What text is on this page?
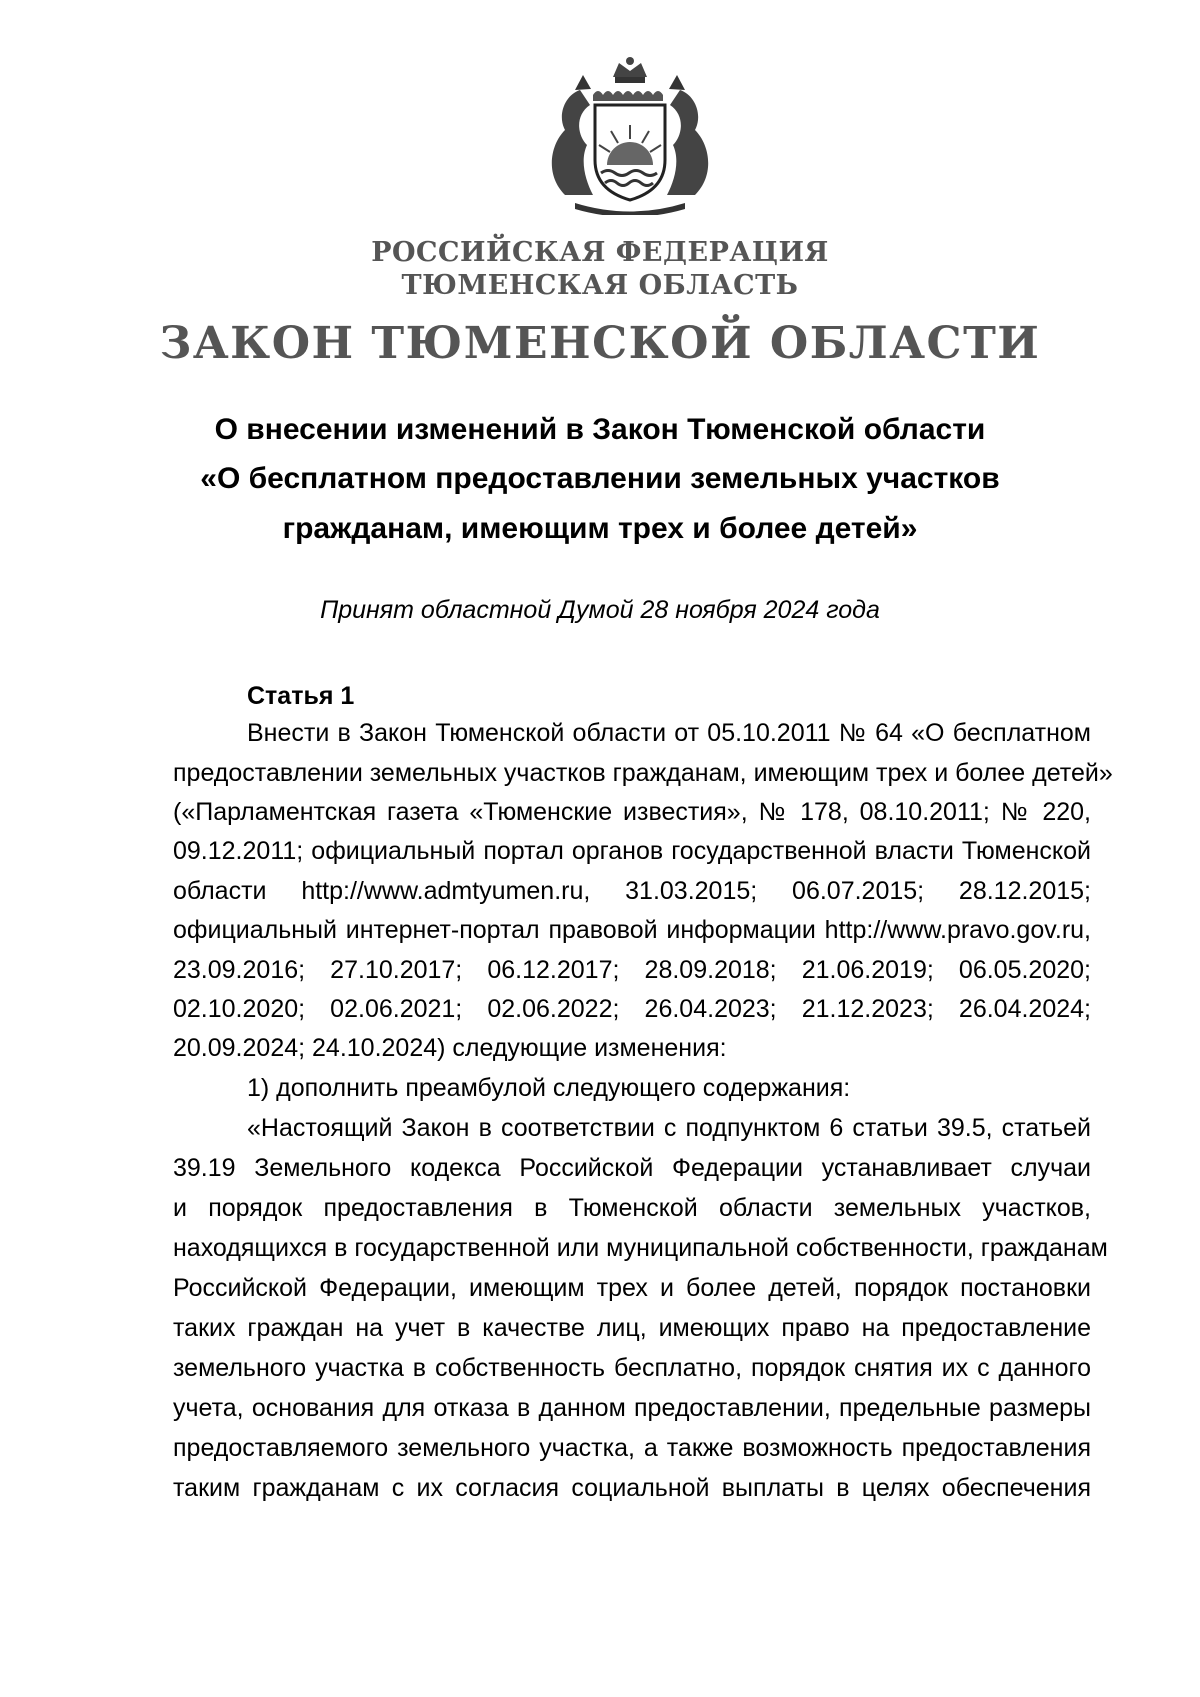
РОССИЙСКАЯ ФЕДЕРАЦИЯ
ТЮМЕНСКАЯ ОБЛАСТЬ
ЗАКОН ТЮМЕНСКОЙ ОБЛАСТИ
О внесении изменений в Закон Тюменской области
«О бесплатном предоставлении земельных участков
гражданам, имеющим трех и более детей»
Принят областной Думой 28 ноября 2024 года
Статья 1
Внести в Закон Тюменской области от 05.10.2011 № 64 «О бесплатном
предоставлении земельных участков гражданам, имеющим трех и более детей»
(«Парламентская газета «Тюменские известия», № 178, 08.10.2011; № 220,
09.12.2011; официальный портал органов государственной власти Тюменской
области http://www.admtyumen.ru, 31.03.2015; 06.07.2015; 28.12.2015;
официальный интернет-портал правовой информации http://www.pravo.gov.ru,
23.09.2016; 27.10.2017; 06.12.2017; 28.09.2018; 21.06.2019; 06.05.2020;
02.10.2020; 02.06.2021; 02.06.2022; 26.04.2023; 21.12.2023; 26.04.2024;
20.09.2024; 24.10.2024) следующие изменения:
1) дополнить преамбулой следующего содержания:
«Настоящий Закон в соответствии с подпунктом 6 статьи 39.5, статьей
39.19 Земельного кодекса Российской Федерации устанавливает случаи
и порядок предоставления в Тюменской области земельных участков,
находящихся в государственной или муниципальной собственности, гражданам
Российской Федерации, имеющим трех и более детей, порядок постановки
таких граждан на учет в качестве лиц, имеющих право на предоставление
земельного участка в собственность бесплатно, порядок снятия их с данного
учета, основания для отказа в данном предоставлении, предельные размеры
предоставляемого земельного участка, а также возможность предоставления
таким гражданам с их согласия социальной выплаты в целях обеспечения
